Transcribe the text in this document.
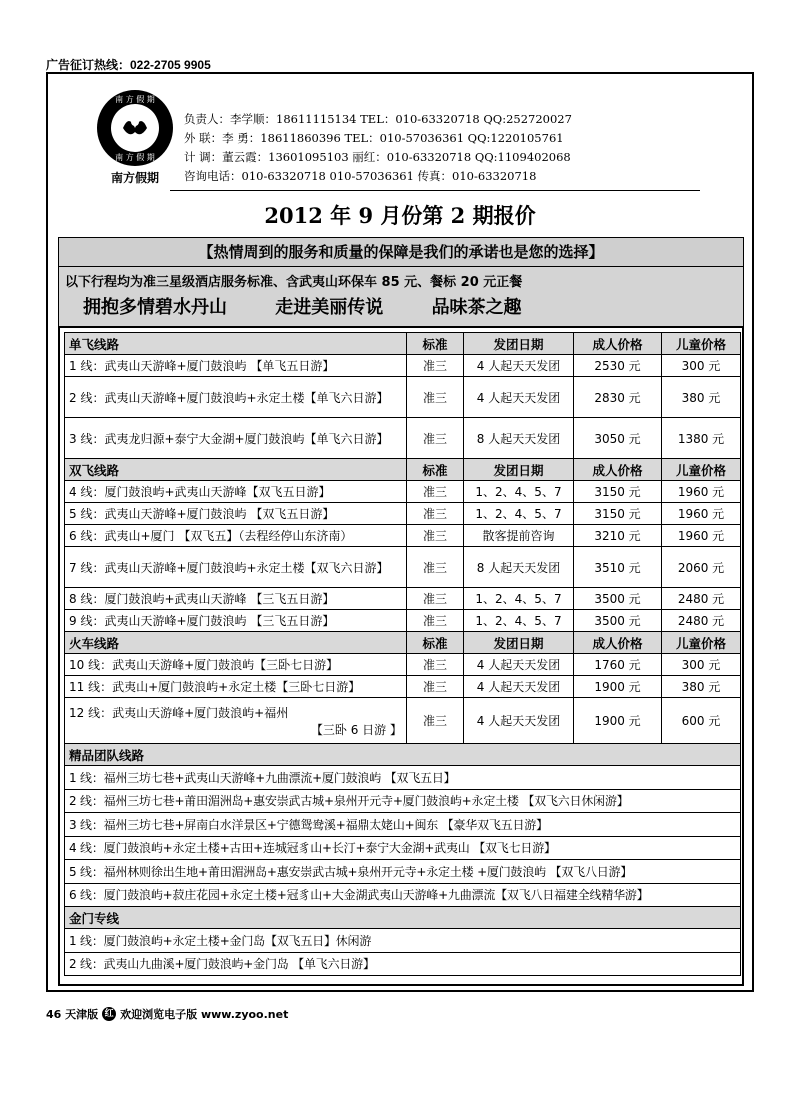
广告征订热线：022-2705 9905
南 方 假 期
南 方 假 期
南方假期
负责人：李学顺：18611115134 TEL：010-63320718 QQ:252720027
外 联：李 勇：18611860396 TEL：010-57036361 QQ:1220105761
计 调：董云霞：13601095103 丽红：010-63320718 QQ:1109402068
咨询电话：010-63320718 010-57036361 传真：010-63320718
2012 年 9 月份第 2 期报价
【热情周到的服务和质量的保障是我们的承诺也是您的选择】
以下行程均为准三星级酒店服务标准、含武夷山环保车 85 元、餐标 20 元正餐
拥抱多情碧水丹山	走进美丽传说	品味茶之趣
单飞线路	标准	发团日期	成人价格	儿童价格
1 线：武夷山天游峰+厦门鼓浪屿 【单飞五日游】	准三	4 人起天天发团	2530 元	300 元
2 线：武夷山天游峰+厦门鼓浪屿+永定土楼【单飞六日游】	准三	4 人起天天发团	2830 元	380 元
3 线：武夷龙归源+泰宁大金湖+厦门鼓浪屿【单飞六日游】	准三	8 人起天天发团	3050 元	1380 元
双飞线路	标准	发团日期	成人价格	儿童价格
4 线：厦门鼓浪屿+武夷山天游峰【双飞五日游】	准三	1、2、4、5、7	3150 元	1960 元
5 线：武夷山天游峰+厦门鼓浪屿 【双飞五日游】	准三	1、2、4、5、7	3150 元	1960 元
6 线：武夷山+厦门 【双飞五】（去程经停山东济南）	准三	散客提前咨询	3210 元	1960 元
7 线：武夷山天游峰+厦门鼓浪屿+永定土楼【双飞六日游】	准三	8 人起天天发团	3510 元	2060 元
8 线：厦门鼓浪屿+武夷山天游峰 【三飞五日游】	准三	1、2、4、5、7	3500 元	2480 元
9 线：武夷山天游峰+厦门鼓浪屿 【三飞五日游】	准三	1、2、4、5、7	3500 元	2480 元
火车线路	标准	发团日期	成人价格	儿童价格
10 线：武夷山天游峰+厦门鼓浪屿【三卧七日游】	准三	4 人起天天发团	1760 元	300 元
11 线：武夷山+厦门鼓浪屿+永定土楼【三卧七日游】	准三	4 人起天天发团	1900 元	380 元

12 线：武夷山天游峰+厦门鼓浪屿+福州
【三卧 6 日游 】	准三	4 人起天天发团	1900 元	600 元
精品团队线路				
1 线：福州三坊七巷+武夷山天游峰+九曲漂流+厦门鼓浪屿 【双飞五日】				
2 线：福州三坊七巷+莆田湄洲岛+惠安崇武古城+泉州开元寺+厦门鼓浪屿+永定土楼 【双飞六日休闲游】				
3 线：福州三坊七巷+屏南白水洋景区+宁德鸳鸯溪+福鼎太姥山+闽东 【豪华双飞五日游】				
4 线：厦门鼓浪屿+永定土楼+古田+连城冠豸山+长汀+泰宁大金湖+武夷山 【双飞七日游】				
5 线：福州林则徐出生地+莆田湄洲岛+惠安崇武古城+泉州开元寺+永定土楼 +厦门鼓浪屿 【双飞八日游】				
6 线：厦门鼓浪屿+菽庄花园+永定土楼+冠豸山+大金湖武夷山天游峰+九曲漂流【双飞八日福建全线精华游】				
金门专线				
1 线：厦门鼓浪屿+永定土楼+金门岛【双飞五日】休闲游				
2 线：武夷山九曲溪+厦门鼓浪屿+金门岛 【单飞六日游】				
46 天津版 红 欢迎浏览电子版 www.zyoo.net
